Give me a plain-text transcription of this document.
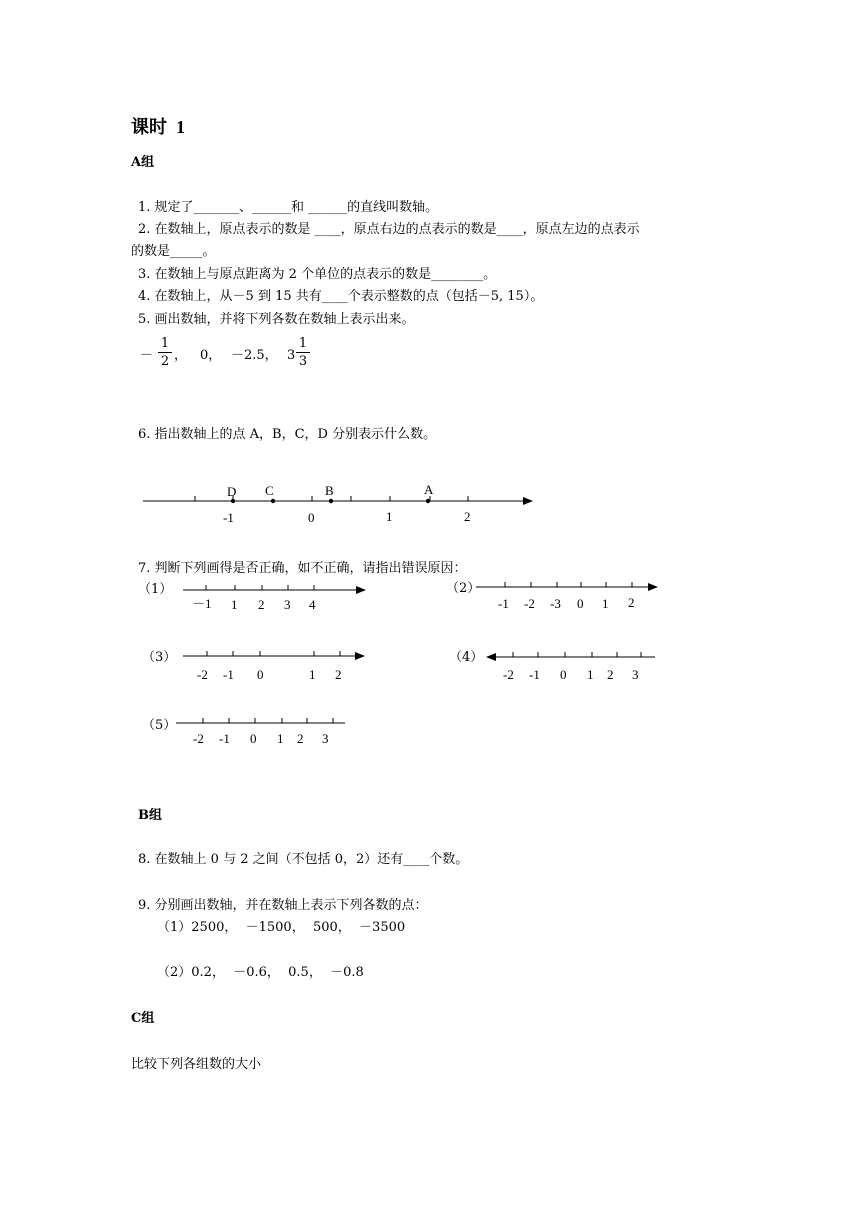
课时  1
A组
1. 规定了_______、______和 ______的直线叫数轴。
2. 在数轴上，原点表示的数是 ____，原点右边的点表示的数是____，原点左边的点表示
的数是_____。
3. 在数轴上与原点距离为 2 个单位的点表示的数是________。
4. 在数轴上，从－5 到 15 共有____个表示整数的点（包括－5, 15）。
5. 画出数轴，并将下列各数在数轴上表示出来。
－ $\frac{1}{2}$ ， 0， －2.5， $3 \frac{1}{3}$
6. 指出数轴上的点 A，B，C，D 分别表示什么数。
D C	B	A
-1	0	1	2
7. 判断下列画得是否正确，如不正确，请指出错误原因：
（1）
－1 1 2 3 4
（2）
-1 -2 -3 0 1 2
（3）
-2 -1 0	1 2
（4）
-2 -1 0 1 2 3
（5）
-2 -1 0 1 2 3
B组
8. 在数轴上 0 与 2 之间（不包括 0，2）还有____个数。
9. 分别画出数轴，并在数轴上表示下列各数的点：
（1）2500，  －1500，  500，  －3500
（2）0.2，  －0.6，  0.5，  －0.8
C组
比较下列各组数的大小
